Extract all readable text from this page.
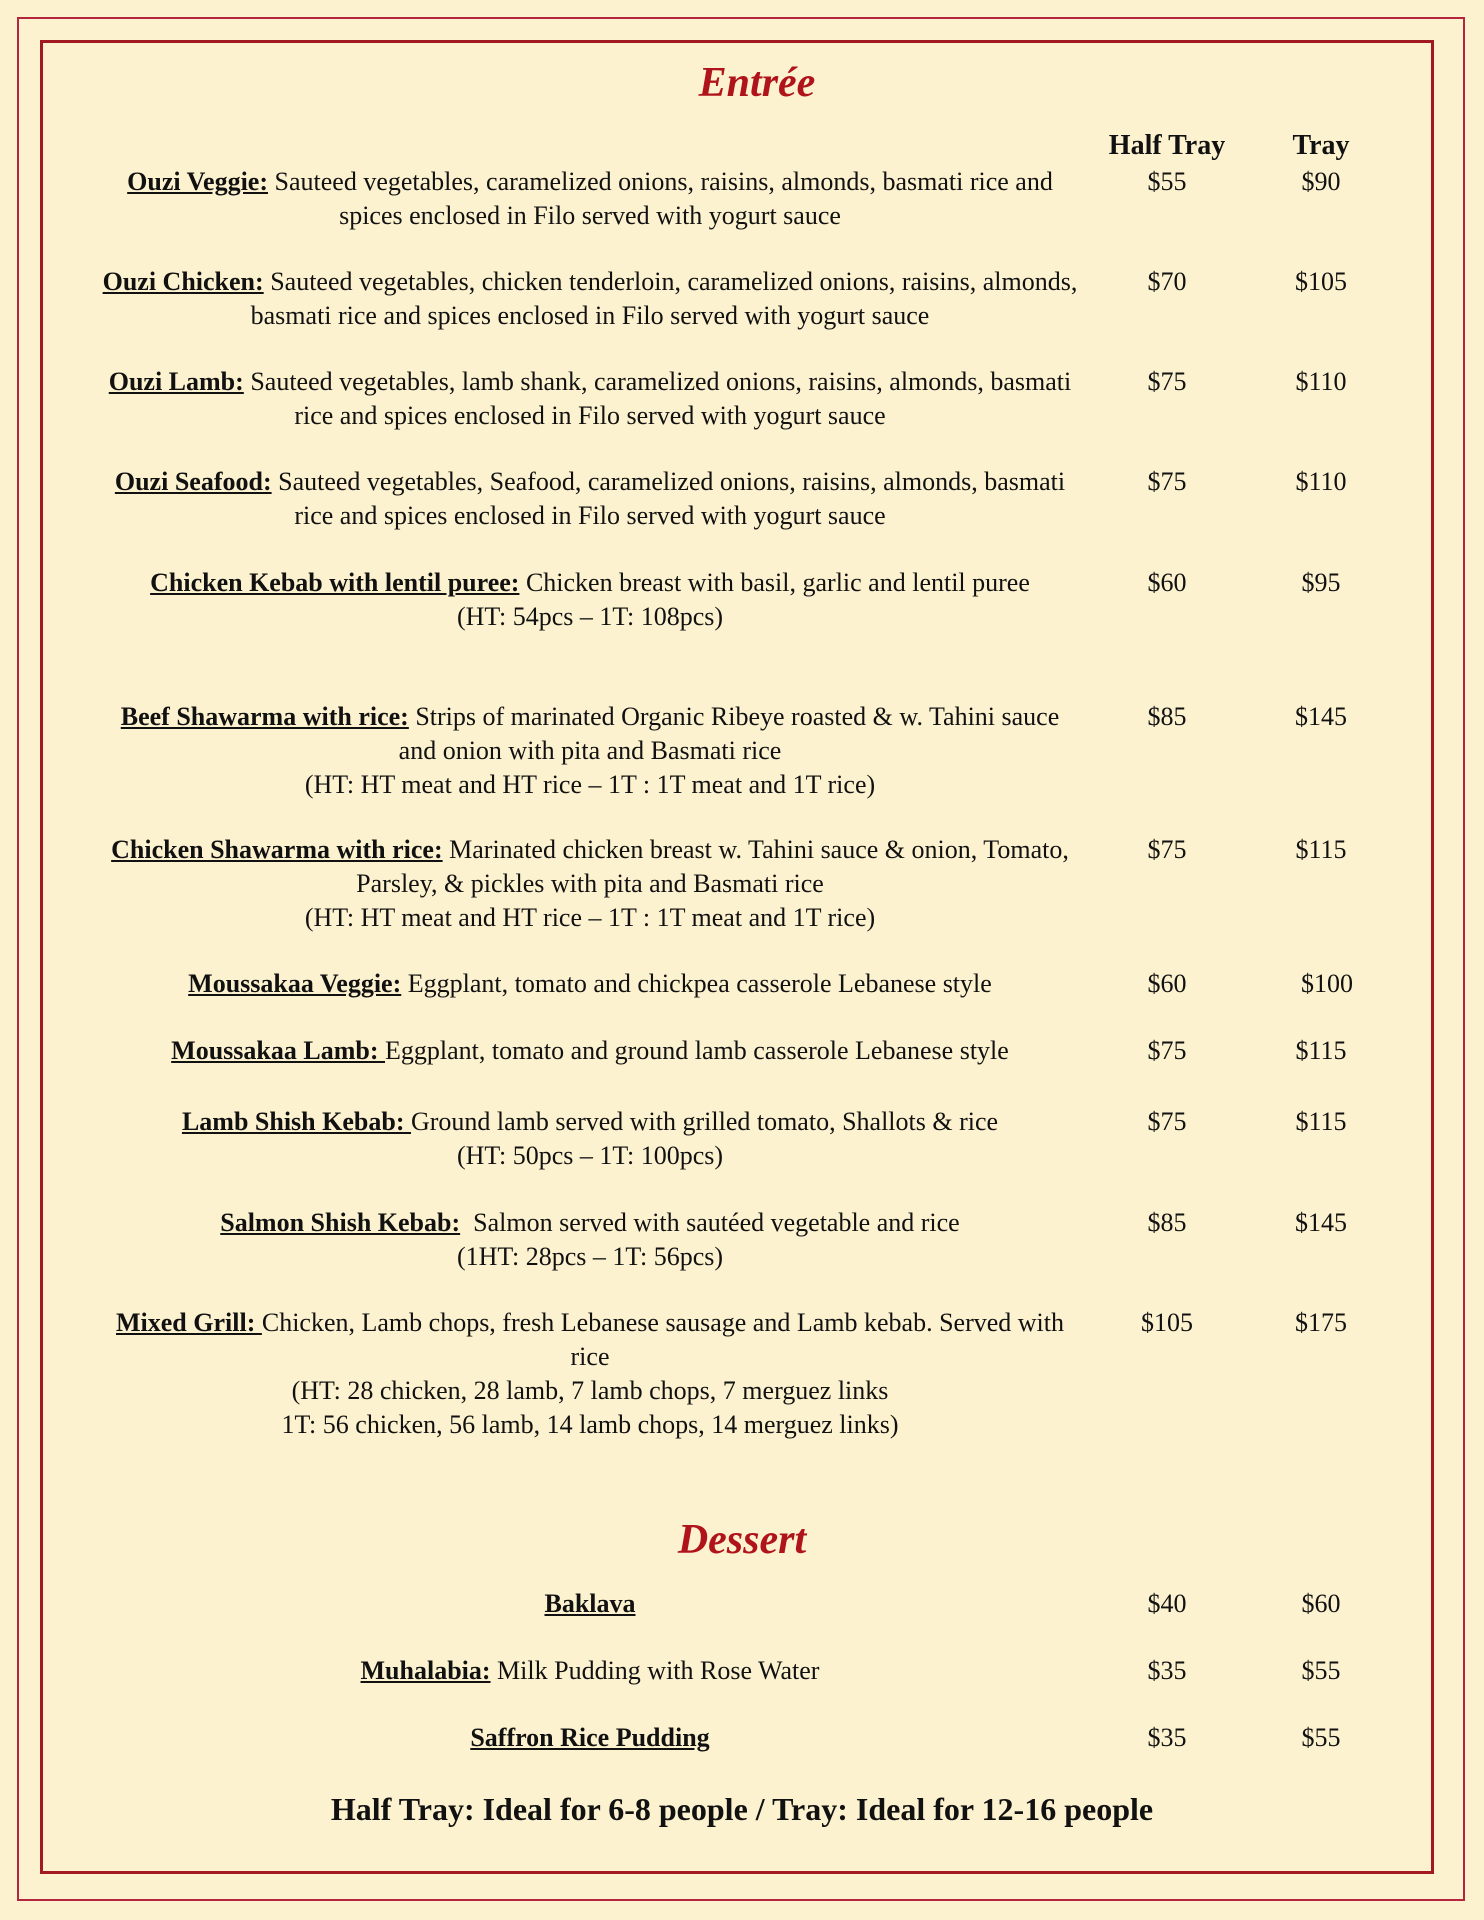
Entrée
Half Tray	Tray
Ouzi Veggie: Sauteed vegetables, caramelized onions, raisins, almonds, basmati rice and spices enclosed in Filo served with yogurt sauce
$55	$90
Ouzi Chicken: Sauteed vegetables, chicken tenderloin, caramelized onions, raisins, almonds, basmati rice and spices enclosed in Filo served with yogurt sauce
$70	$105
Ouzi Lamb: Sauteed vegetables, lamb shank, caramelized onions, raisins, almonds, basmati rice and spices enclosed in Filo served with yogurt sauce
$75	$110
Ouzi Seafood: Sauteed vegetables, Seafood, caramelized onions, raisins, almonds, basmati rice and spices enclosed in Filo served with yogurt sauce
$75	$110
Chicken Kebab with lentil puree: Chicken breast with basil, garlic and lentil puree
(HT: 54pcs – 1T: 108pcs)
$60	$95
Beef Shawarma with rice: Strips of marinated Organic Ribeye roasted & w. Tahini sauce and onion with pita and Basmati rice
(HT: HT meat and HT rice – 1T : 1T meat and 1T rice)
$85	$145
Chicken Shawarma with rice: Marinated chicken breast w. Tahini sauce & onion, Tomato, Parsley, & pickles with pita and Basmati rice
(HT: HT meat and HT rice – 1T : 1T meat and 1T rice)
$75	$115
Moussakaa Veggie: Eggplant, tomato and chickpea casserole Lebanese style	$60	$100
Moussakaa Lamb: Eggplant, tomato and ground lamb casserole Lebanese style	$75	$115
Lamb Shish Kebab: Ground lamb served with grilled tomato, Shallots & rice
(HT: 50pcs – 1T: 100pcs)
$75	$115
Salmon Shish Kebab:  Salmon served with sautéed vegetable and rice
(1HT: 28pcs – 1T: 56pcs)
$85	$145
Mixed Grill: Chicken, Lamb chops, fresh Lebanese sausage and Lamb kebab. Served with rice
(HT: 28 chicken, 28 lamb, 7 lamb chops, 7 merguez links
1T: 56 chicken, 56 lamb, 14 lamb chops, 14 merguez links)
$105	$175
Dessert
Baklava	$40	$60
Muhalabia: Milk Pudding with Rose Water	$35	$55
Saffron Rice Pudding	$35	$55
Half Tray: Ideal for 6-8 people / Tray: Ideal for 12-16 people
